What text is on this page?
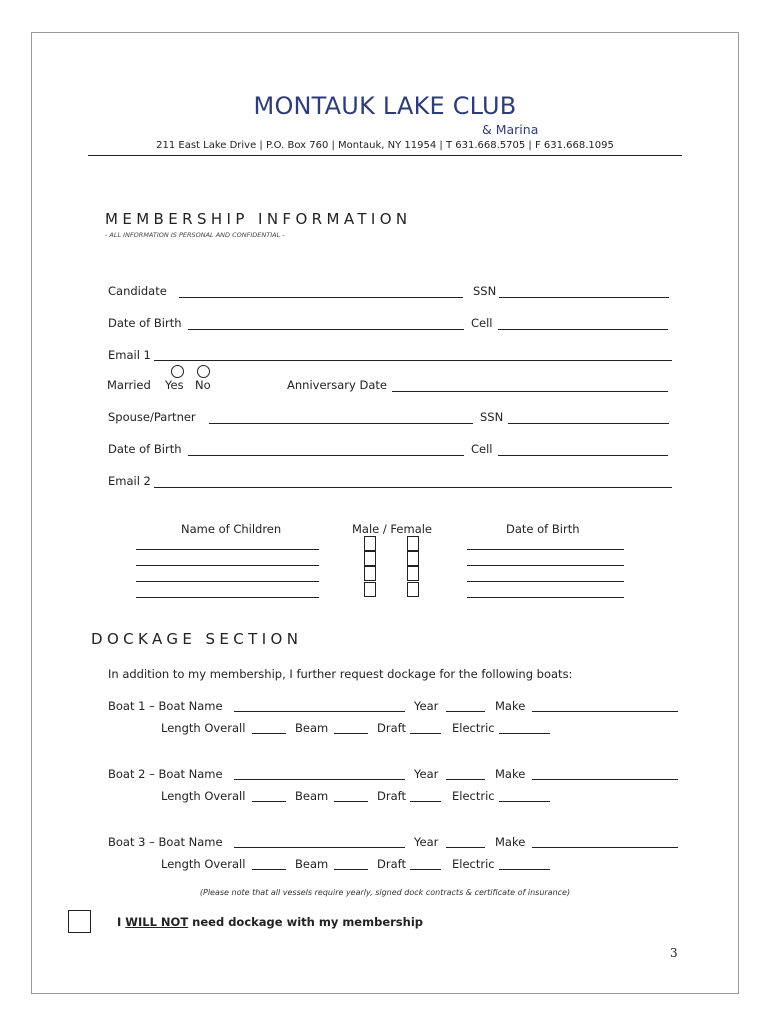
MONTAUK LAKE CLUB
& Marina
211 East Lake Drive | P.O. Box 760 | Montauk, NY 11954 | T 631.668.5705 | F 631.668.1095
MEMBERSHIP INFORMATION
- ALL INFORMATION IS PERSONAL AND CONFIDENTIAL -
Candidate	SSN
Date of Birth	Cell
Email 1
Married Yes No	Anniversary Date
Spouse/Partner	SSN
Date of Birth	Cell
Email 2
Name of Children	Male / Female	Date of Birth
DOCKAGE SECTION
In addition to my membership, I further request dockage for the following boats:
Boat 1 – Boat Name	Year	Make
Length Overall	Beam	Draft	Electric
Boat 2 – Boat Name	Year	Make
Length Overall	Beam	Draft	Electric
Boat 3 – Boat Name	Year	Make
Length Overall	Beam	Draft	Electric
(Please note that all vessels require yearly, signed dock contracts & certificate of insurance)
I WILL NOT need dockage with my membership
3
